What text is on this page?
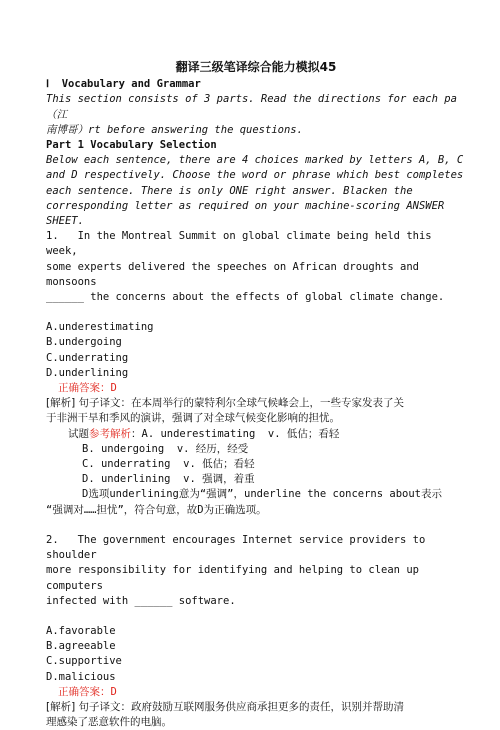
翻译三级笔译综合能力模拟45
Ⅰ  Vocabulary and Grammar
This section consists of 3 parts. Read the directions for each pa（江
南博哥）rt before answering the questions.
Part 1 Vocabulary Selection
Below each sentence, there are 4 choices marked by letters A, B, C
and D respectively. Choose the word or phrase which best completes
each sentence. There is only ONE right answer. Blacken the
corresponding letter as required on your machine-scoring ANSWER SHEET.
1.   In the Montreal Summit on global climate being held this week,
some experts delivered the speeches on African droughts and monsoons
______ the concerns about the effects of global climate change.
A.underestimating
B.undergoing
C.underrating
D.underlining
正确答案：D
[解析] 句子译文：在本周举行的蒙特利尔全球气候峰会上，一些专家发表了关
于非洲干旱和季风的演讲，强调了对全球气候变化影响的担忧。
试题参考解析：A. underestimating  v. 低估；看轻
B. undergoing  v. 经历，经受
C. underrating  v. 低估；看轻
D. underlining  v. 强调，着重
D选项underlining意为“强调”，underline the concerns about表示
“强调对……担忧”，符合句意，故D为正确选项。
2.   The government encourages Internet service providers to shoulder
more responsibility for identifying and helping to clean up computers
infected with ______ software.
A.favorable
B.agreeable
C.supportive
D.malicious
正确答案：D
[解析] 句子译文：政府鼓励互联网服务供应商承担更多的责任，识别并帮助清
理感染了恶意软件的电脑。
